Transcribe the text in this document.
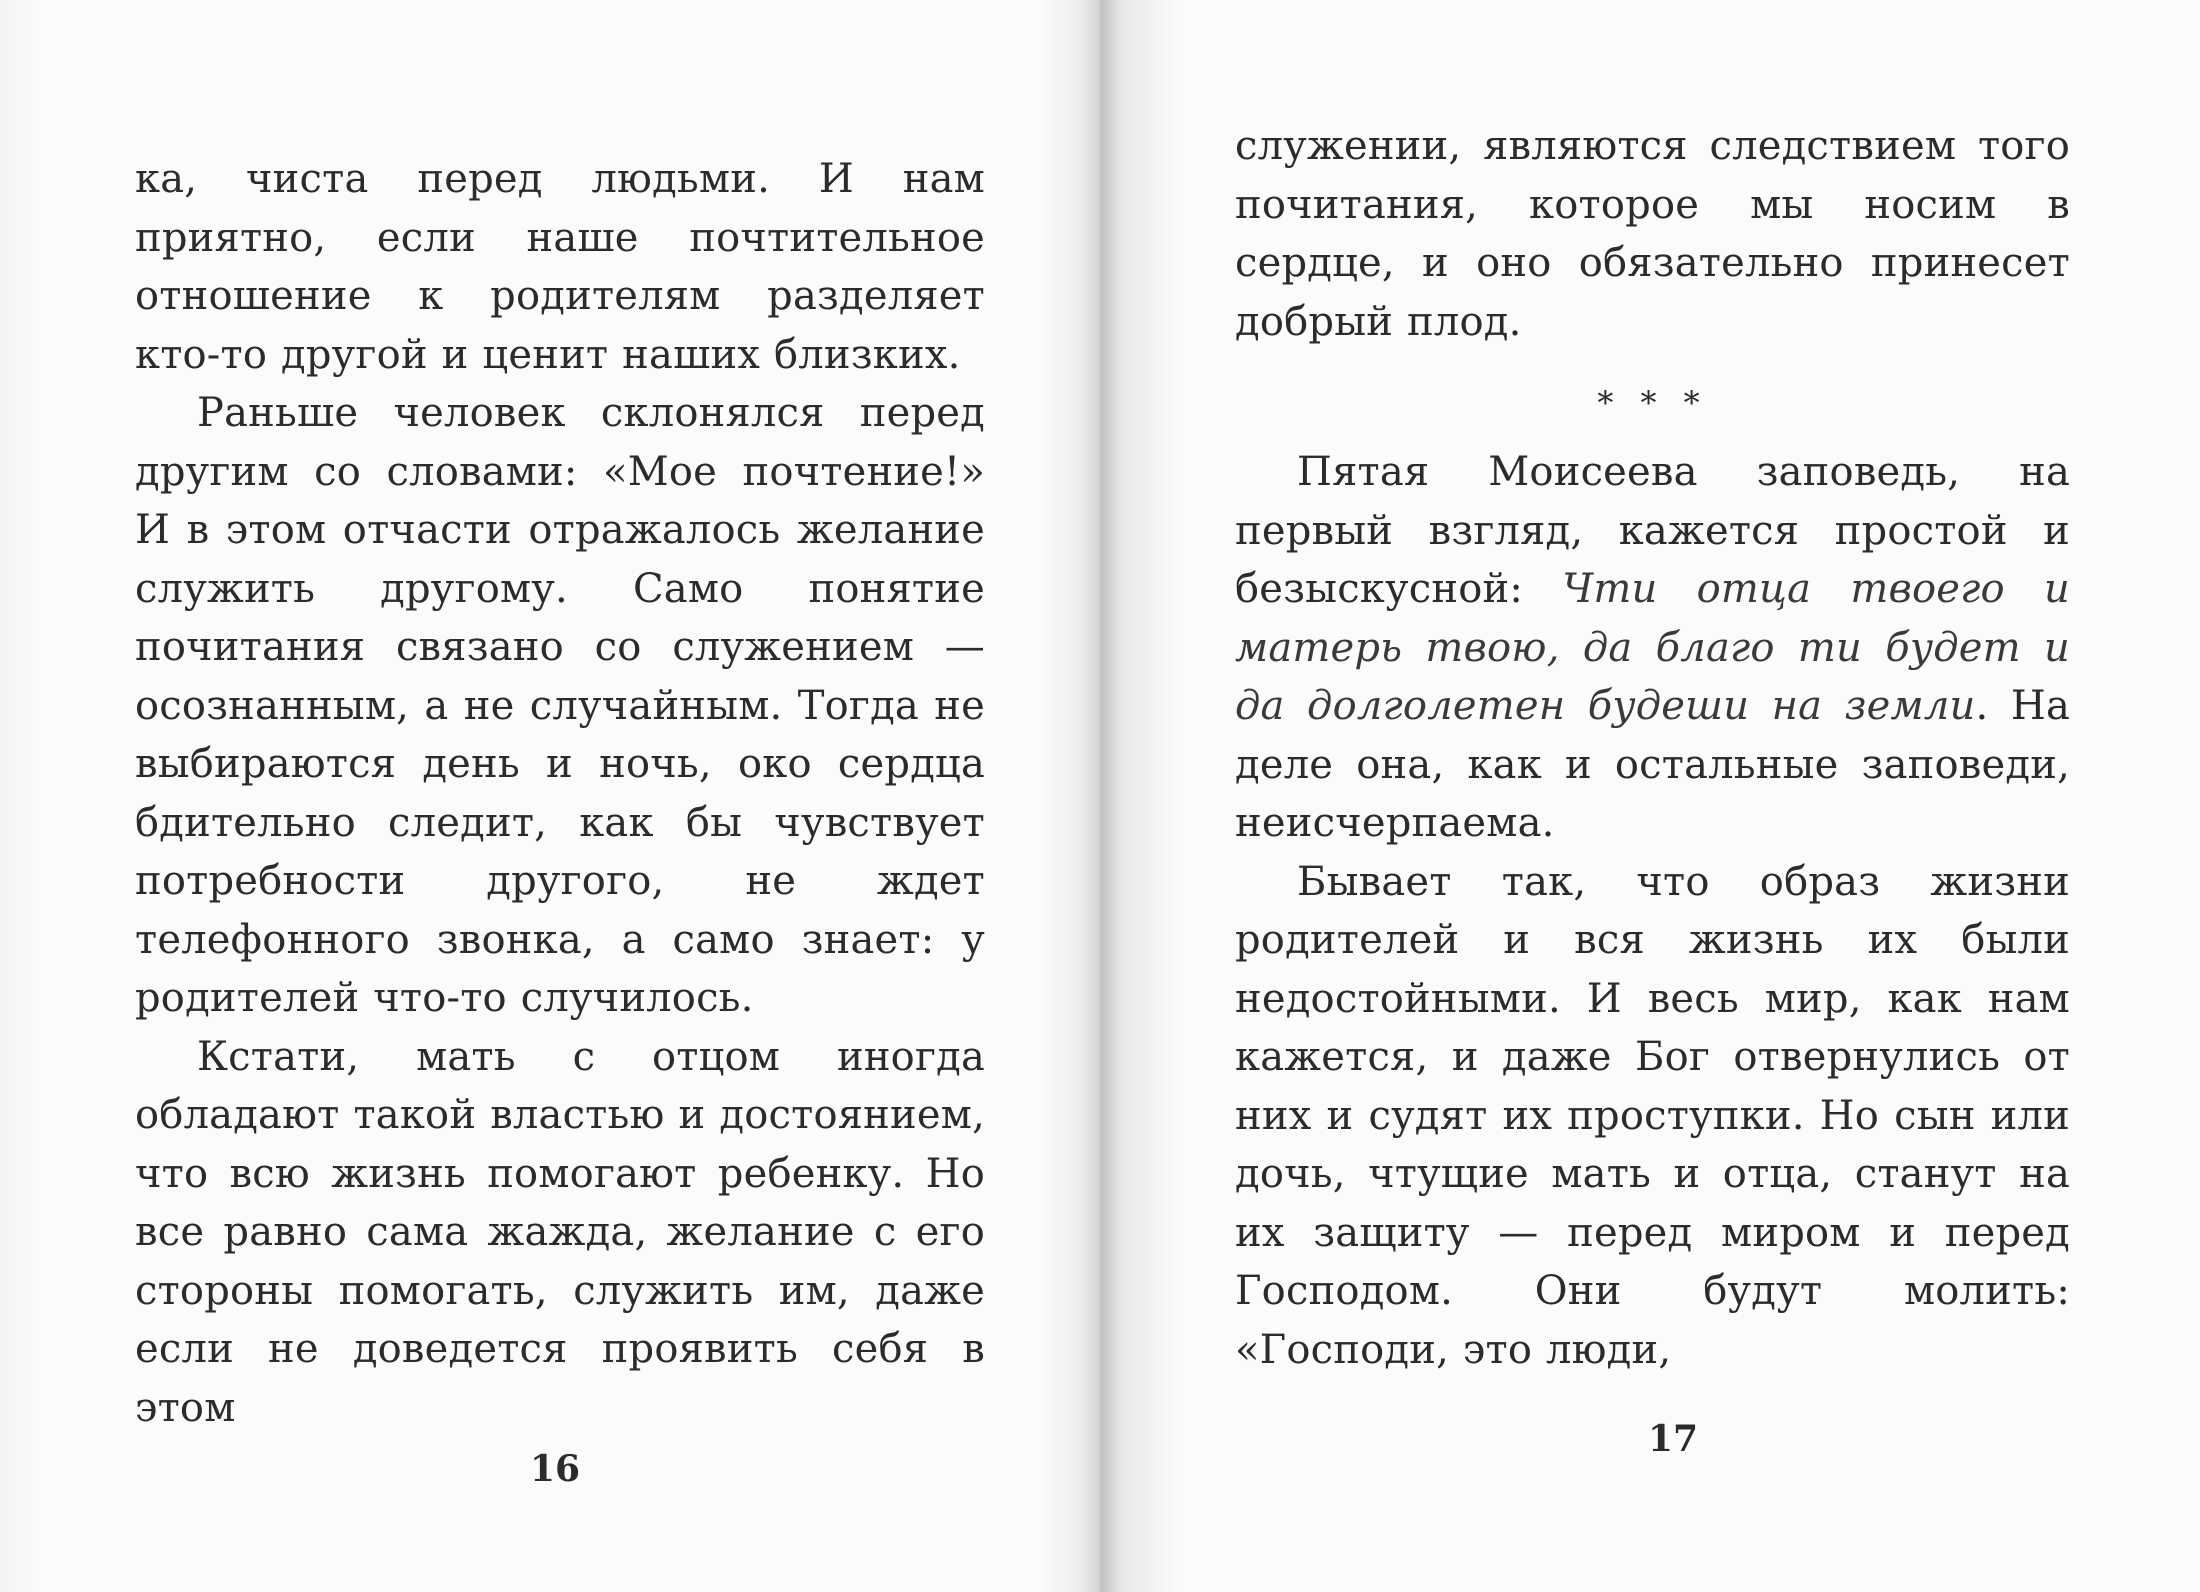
ка, чиста перед людьми. И нам приятно, если наше почтительное отношение к родителям разделяет кто-то другой и ценит наших близких.

Раньше человек склонялся перед другим со словами: «Мое почтение!» И в этом отчасти отражалось желание служить другому. Само понятие почитания связано со служением — осознанным, а не случайным. Тогда не выбираются день и ночь, око сердца бдительно следит, как бы чувствует потребности другого, не ждет телефонного звонка, а само знает: у родителей что-то случилось.

Кстати, мать с отцом иногда обладают такой властью и достоянием, что всю жизнь помогают ребенку. Но все равно сама жажда, желание с его стороны помогать, служить им, даже если не доведется проявить себя в этом

16

служении, являются следствием того почитания, которое мы носим в сердце, и оно обязательно принесет добрый плод.

* * *

Пятая Моисеева заповедь, на первый взгляд, кажется простой и безыскусной: Чти отца твоего и матерь твою, да благо ти будет и да долголетен будеши на земли. На деле она, как и остальные заповеди, неисчерпаема.

Бывает так, что образ жизни родителей и вся жизнь их были недостойными. И весь мир, как нам кажется, и даже Бог отвернулись от них и судят их проступки. Но сын или дочь, чтущие мать и отца, станут на их защиту — перед миром и перед Господом. Они будут молить: «Господи, это люди,

17
